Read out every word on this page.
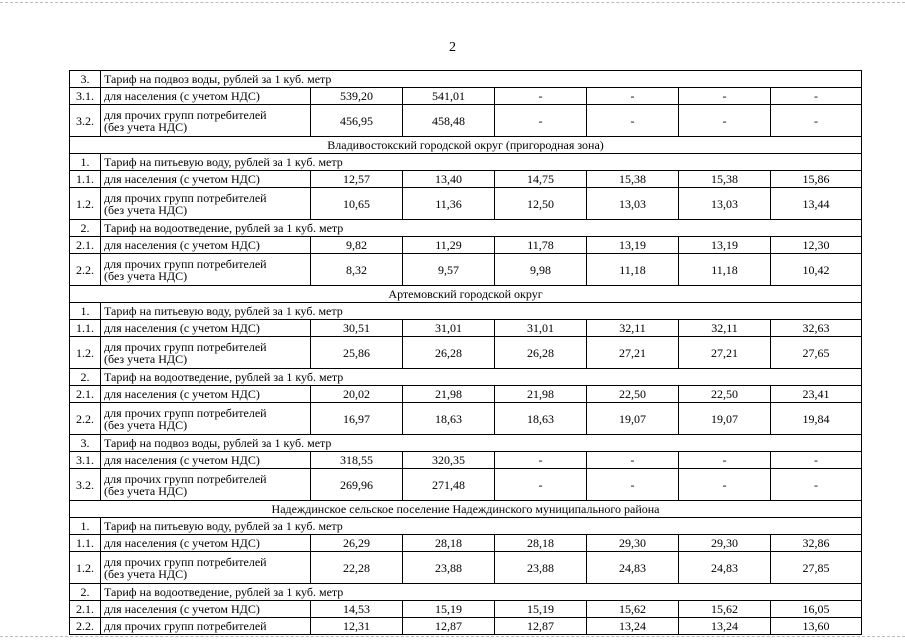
2
3.	Тариф на подвоз воды, рублей за 1 куб. метр						
3.1.	для населения (с учетом НДС)	539,20	541,01	-	-	-	-
3.2.	для прочих групп потребителей
(без учета НДС)	456,95	458,48	-	-	-	-
Владивостокский городской округ (пригородная зона)							
1.	Тариф на питьевую воду, рублей за 1 куб. метр						
1.1.	для населения (с учетом НДС)	12,57	13,40	14,75	15,38	15,38	15,86
1.2.	для прочих групп потребителей
(без учета НДС)	10,65	11,36	12,50	13,03	13,03	13,44
2.	Тариф на водоотведение, рублей за 1 куб. метр						
2.1.	для населения (с учетом НДС)	9,82	11,29	11,78	13,19	13,19	12,30
2.2.	для прочих групп потребителей
(без учета НДС)	8,32	9,57	9,98	11,18	11,18	10,42
Артемовский городской округ							
1.	Тариф на питьевую воду, рублей за 1 куб. метр						
1.1.	для населения (с учетом НДС)	30,51	31,01	31,01	32,11	32,11	32,63
1.2.	для прочих групп потребителей
(без учета НДС)	25,86	26,28	26,28	27,21	27,21	27,65
2.	Тариф на водоотведение, рублей за 1 куб. метр						
2.1.	для населения (с учетом НДС)	20,02	21,98	21,98	22,50	22,50	23,41
2.2.	для прочих групп потребителей
(без учета НДС)	16,97	18,63	18,63	19,07	19,07	19,84
3.	Тариф на подвоз воды, рублей за 1 куб. метр						
3.1.	для населения (с учетом НДС)	318,55	320,35	-	-	-	-
3.2.	для прочих групп потребителей
(без учета НДС)	269,96	271,48	-	-	-	-
Надеждинское сельское поселение Надеждинского муниципального района							
1.	Тариф на питьевую воду, рублей за 1 куб. метр						
1.1.	для населения (с учетом НДС)	26,29	28,18	28,18	29,30	29,30	32,86
1.2.	для прочих групп потребителей
(без учета НДС)	22,28	23,88	23,88	24,83	24,83	27,85
2.	Тариф на водоотведение, рублей за 1 куб. метр						
2.1.	для населения (с учетом НДС)	14,53	15,19	15,19	15,62	15,62	16,05
2.2.	для прочих групп потребителей	12,31	12,87	12,87	13,24	13,24	13,60
